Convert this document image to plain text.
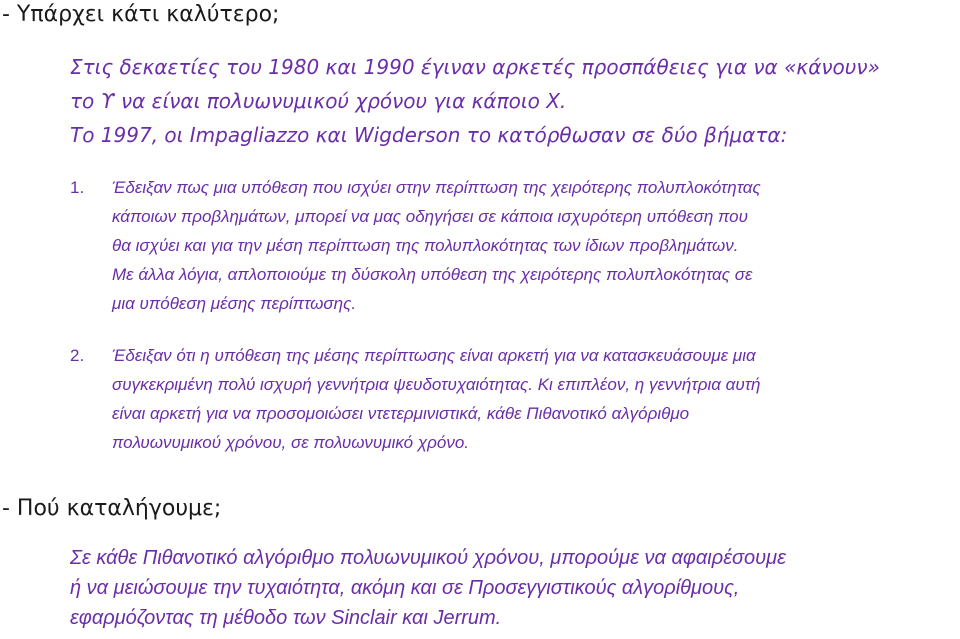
- Υπάρχει κάτι καλύτερο;
Στις δεκαετίες του 1980 και 1990 έγιναν αρκετές προσπάθειες για να «κάνουν»
το ϒ να είναι πολυωνυμικού χρόνου για κάποιο Χ.
Το 1997, οι Impagliazzo και Wigderson το κατόρθωσαν σε δύο βήματα:
1. Έδειξαν πως μια υπόθεση που ισχύει στην περίπτωση της χειρότερης πολυπλοκότητας
κάποιων προβλημάτων, μπορεί να μας οδηγήσει σε κάποια ισχυρότερη υπόθεση που
θα ισχύει και για την μέση περίπτωση της πολυπλοκότητας των ίδιων προβλημάτων.
Με άλλα λόγια, απλοποιούμε τη δύσκολη υπόθεση της χειρότερης πολυπλοκότητας σε
μια υπόθεση μέσης περίπτωσης.
2. Έδειξαν ότι η υπόθεση της μέσης περίπτωσης είναι αρκετή για να κατασκευάσουμε μια
συγκεκριμένη πολύ ισχυρή γεννήτρια ψευδοτυχαιότητας. Κι επιπλέον, η γεννήτρια αυτή
είναι αρκετή για να προσομοιώσει ντετερμινιστικά, κάθε Πιθανοτικό αλγόριθμο
πολυωνυμικού χρόνου, σε πολυωνυμικό χρόνο.
- Πού καταλήγουμε;
Σε κάθε Πιθανοτικό αλγόριθμο πολυωνυμικού χρόνου, μπορούμε να αφαιρέσουμε
ή να μειώσουμε την τυχαιότητα, ακόμη και σε Προσεγγιστικούς αλγορίθμους,
εφαρμόζοντας τη μέθοδο των Sinclair και Jerrum.
